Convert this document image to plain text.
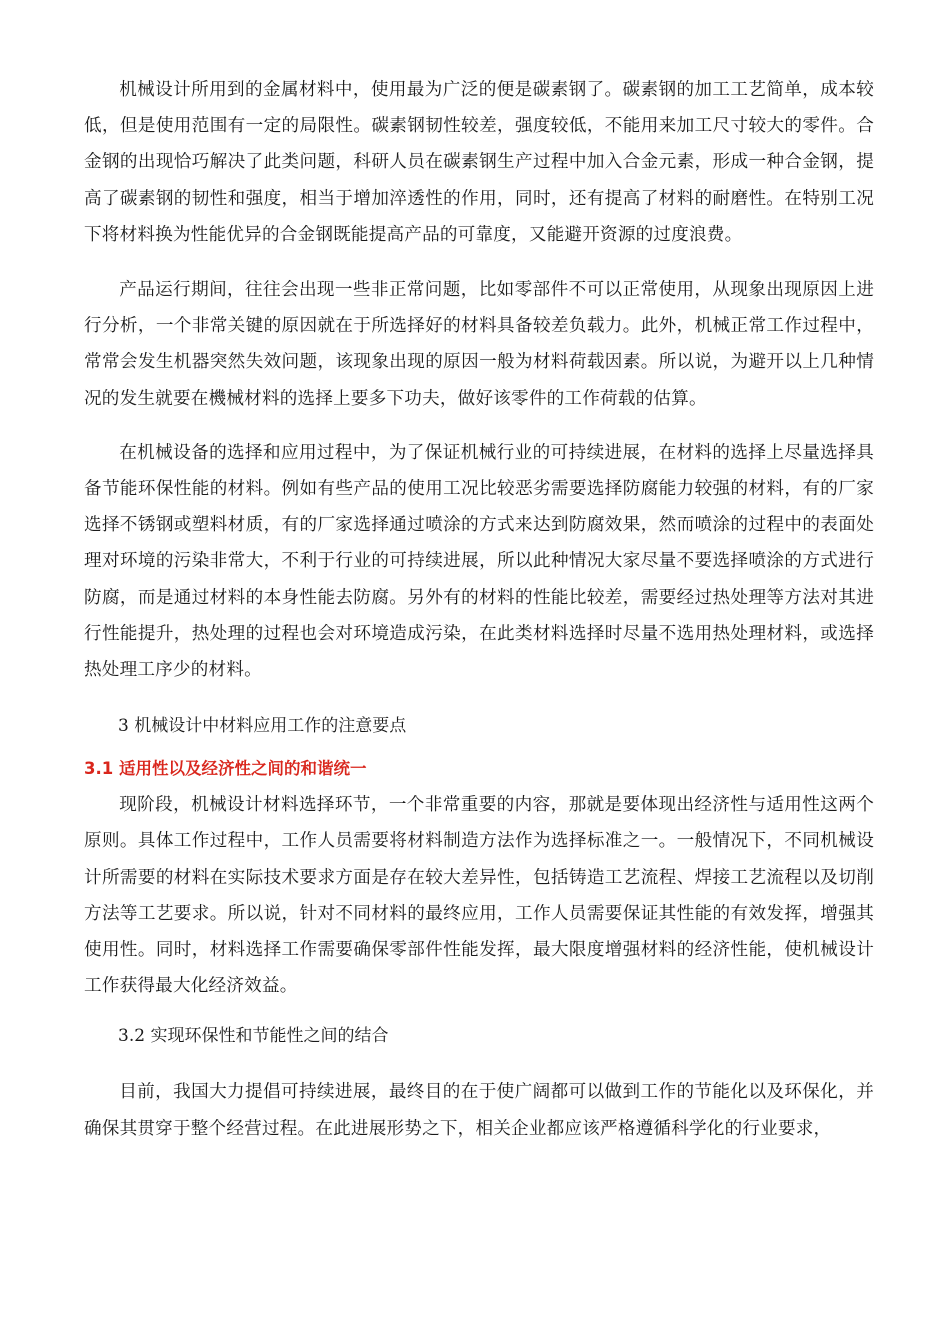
机械设计所用到的金属材料中，使用最为广泛的便是碳素钢了。碳素钢的加工工艺简单，成本较低，但是使用范围有一定的局限性。碳素钢韧性较差，强度较低，不能用来加工尺寸较大的零件。合金钢的出现恰巧解决了此类问题，科研人员在碳素钢生产过程中加入合金元素，形成一种合金钢，提高了碳素钢的韧性和强度，相当于增加淬透性的作用，同时，还有提高了材料的耐磨性。在特别工况下将材料换为性能优异的合金钢既能提高产品的可靠度，又能避开资源的过度浪费。

产品运行期间，往往会出现一些非正常问题，比如零部件不可以正常使用，从现象出现原因上进行分析，一个非常关键的原因就在于所选择好的材料具备较差负载力。此外，机械正常工作过程中，常常会发生机器突然失效问题，该现象出现的原因一般为材料荷载因素。所以说，为避开以上几种情况的发生就要在機械材料的选择上要多下功夫，做好该零件的工作荷载的估算。

在机械设备的选择和应用过程中，为了保证机械行业的可持续进展，在材料的选择上尽量选择具备节能环保性能的材料。例如有些产品的使用工况比较恶劣需要选择防腐能力较强的材料，有的厂家选择不锈钢或塑料材质，有的厂家选择通过喷涂的方式来达到防腐效果，然而喷涂的过程中的表面处理对环境的污染非常大，不利于行业的可持续进展，所以此种情况大家尽量不要选择喷涂的方式进行防腐，而是通过材料的本身性能去防腐。另外有的材料的性能比较差，需要经过热处理等方法对其进行性能提升，热处理的过程也会对环境造成污染，在此类材料选择时尽量不选用热处理材料，或选择热处理工序少的材料。

3 机械设计中材料应用工作的注意要点

3.1 适用性以及经济性之间的和谐统一

现阶段，机械设计材料选择环节，一个非常重要的内容，那就是要体现出经济性与适用性这两个原则。具体工作过程中，工作人员需要将材料制造方法作为选择标准之一。一般情况下，不同机械设计所需要的材料在实际技术要求方面是存在较大差异性，包括铸造工艺流程、焊接工艺流程以及切削方法等工艺要求。所以说，针对不同材料的最终应用，工作人员需要保证其性能的有效发挥，增强其使用性。同时，材料选择工作需要确保零部件性能发挥，最大限度增强材料的经济性能，使机械设计工作获得最大化经济效益。

3.2 实现环保性和节能性之间的结合

目前，我国大力提倡可持续进展，最终目的在于使广阔都可以做到工作的节能化以及环保化，并确保其贯穿于整个经营过程。在此进展形势之下，相关企业都应该严格遵循科学化的行业要求，
